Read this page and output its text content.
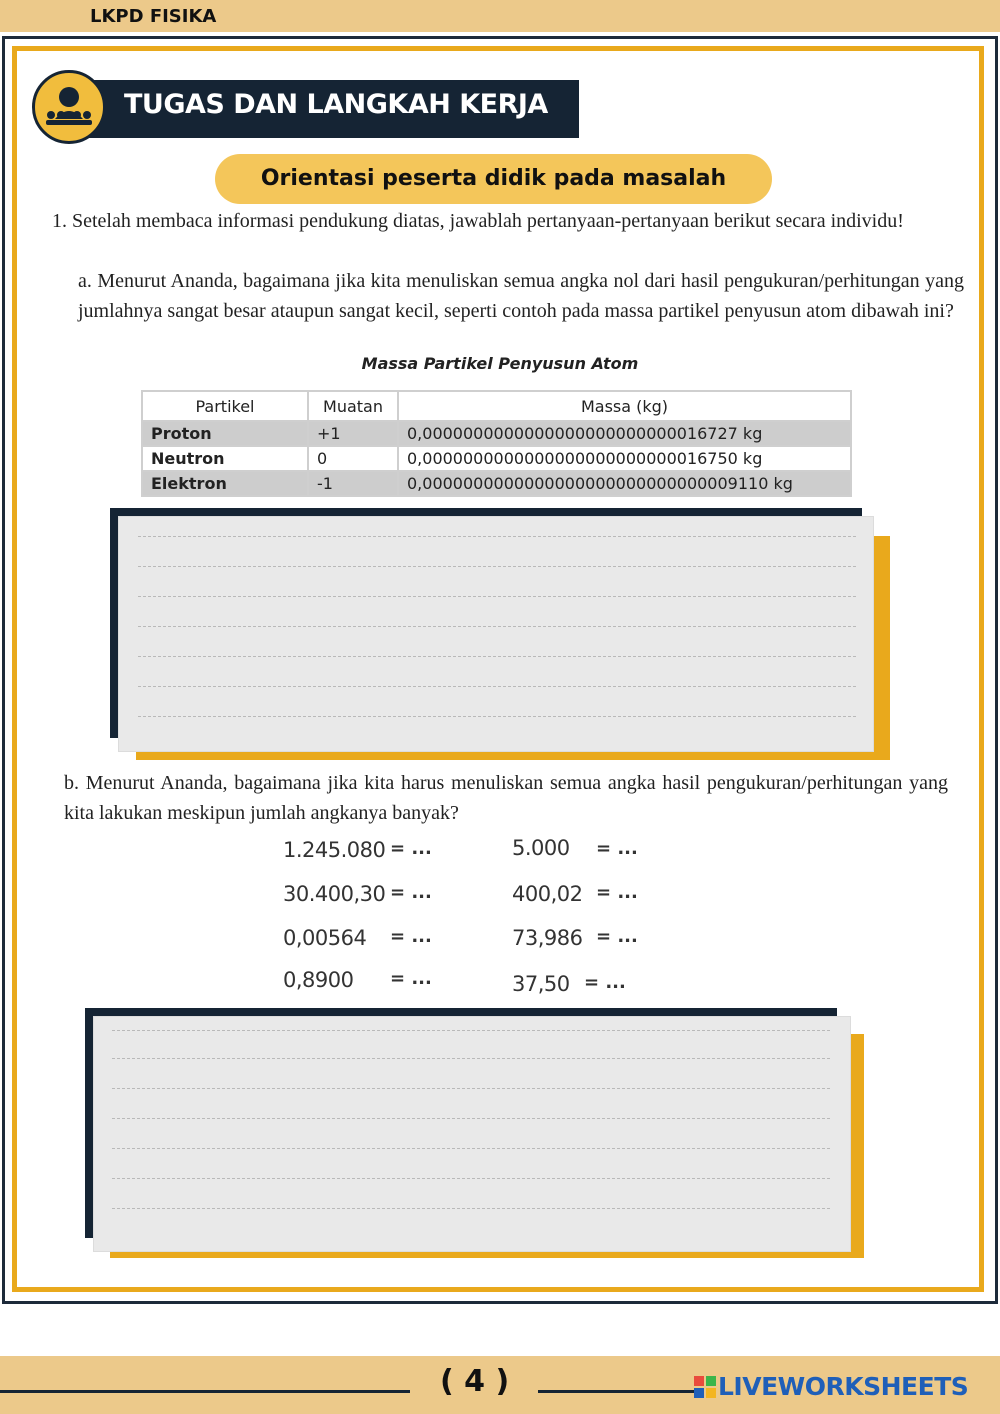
LKPD FISIKA
TUGAS DAN LANGKAH KERJA
Orientasi peserta didik pada masalah
1. Setelah membaca informasi pendukung diatas, jawablah pertanyaan-pertanyaan berikut secara individu!
a. Menurut Ananda, bagaimana jika kita menuliskan semua angka nol dari hasil pengukuran/perhitungan yang jumlahnya sangat besar ataupun sangat kecil, seperti contoh pada massa partikel penyusun atom dibawah ini?
Massa Partikel Penyusun Atom
Partikel	Muatan	Massa (kg)
Proton	+1	0,0000000000000000000000000016727 kg
Neutron	0	0,0000000000000000000000000016750 kg
Elektron	-1	0,0000000000000000000000000000009110 kg
b. Menurut Ananda, bagaimana jika kita harus menuliskan semua angka hasil pengukuran/perhitungan yang kita lakukan meskipun jumlah angkanya banyak?
1.245.080 = ...	5.000 = ...
30.400,30 = ...	400,02 = ...
0,00564 = ...	73,986 = ...
0,8900 = ...	37,50 = ...
( 4 )	LIVEWORKSHEETS
